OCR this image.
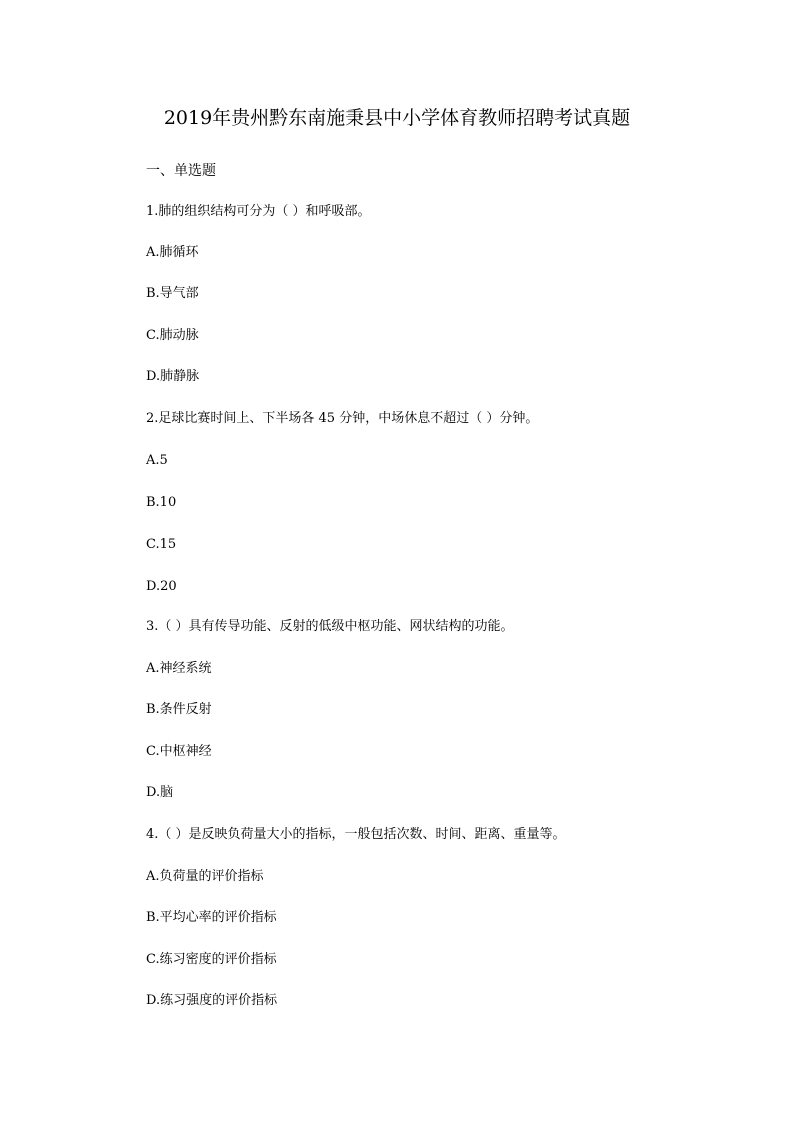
2019年贵州黔东南施秉县中小学体育教师招聘考试真题
一、单选题
1.肺的组织结构可分为（ ）和呼吸部。
A.肺循环
B.导气部
C.肺动脉
D.肺静脉
2.足球比赛时间上、下半场各 45 分钟，中场休息不超过（ ）分钟。
A.5
B.10
C.15
D.20
3.（ ）具有传导功能、反射的低级中枢功能、网状结构的功能。
A.神经系统
B.条件反射
C.中枢神经
D.脑
4.（ ）是反映负荷量大小的指标，一般包括次数、时间、距离、重量等。
A.负荷量的评价指标
B.平均心率的评价指标
C.练习密度的评价指标
D.练习强度的评价指标
